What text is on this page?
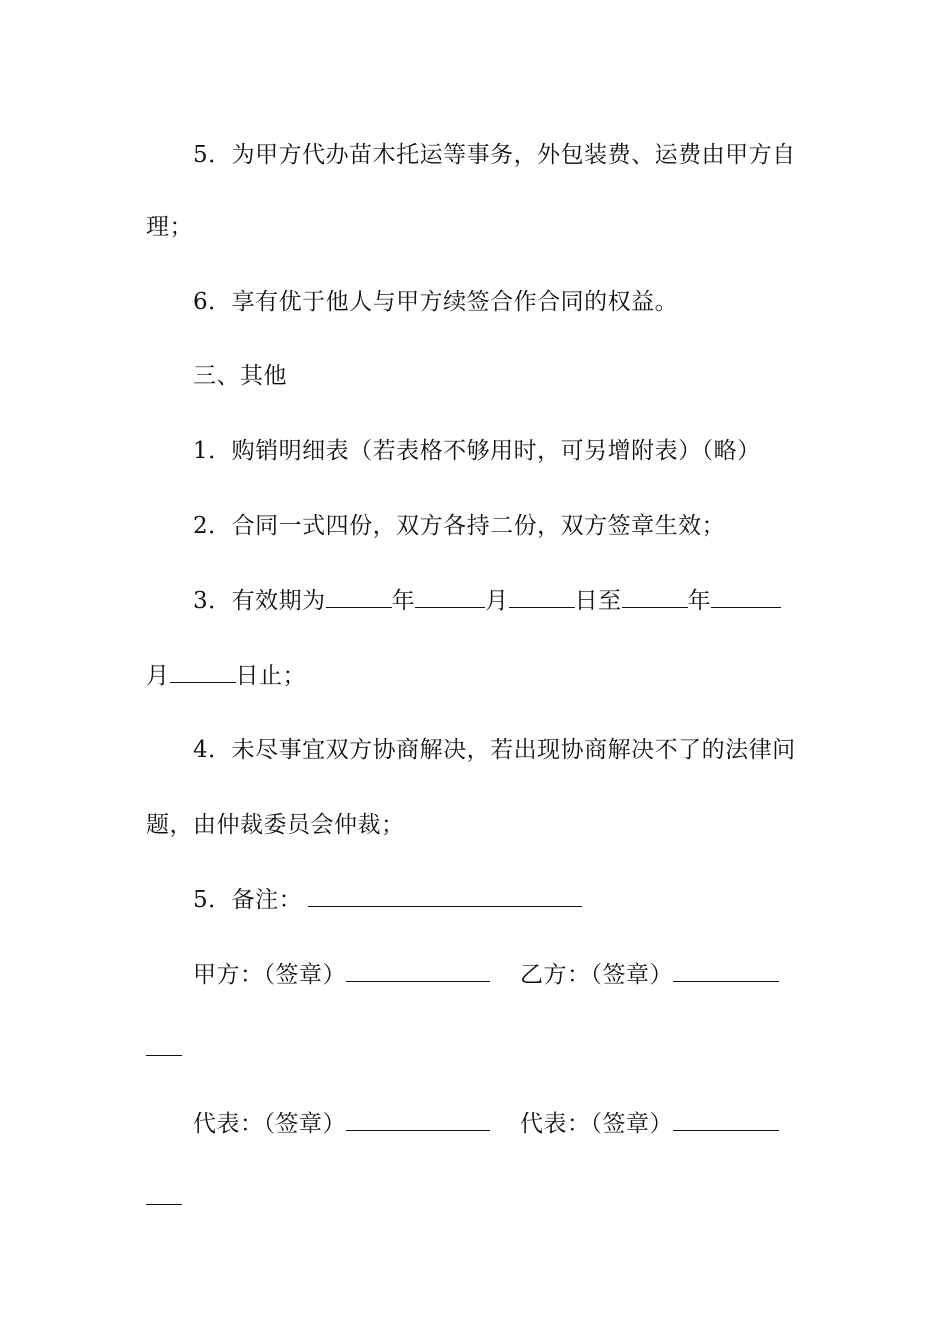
5．为甲方代办苗木托运等事务，外包装费、运费由甲方自
理；
6．享有优于他人与甲方续签合作合同的权益。
三、其他
1．购销明细表（若表格不够用时，可另增附表）（略）
2．合同一式四份，双方各持二份，双方签章生效；
3．有效期为	年	月	日至	年
月	日止；
4．未尽事宜双方协商解决，若出现协商解决不了的法律问
题，由仲裁委员会仲裁；
5．备注：
甲方：（签章）	乙方：（签章）
代表：（签章）	代表：（签章）
